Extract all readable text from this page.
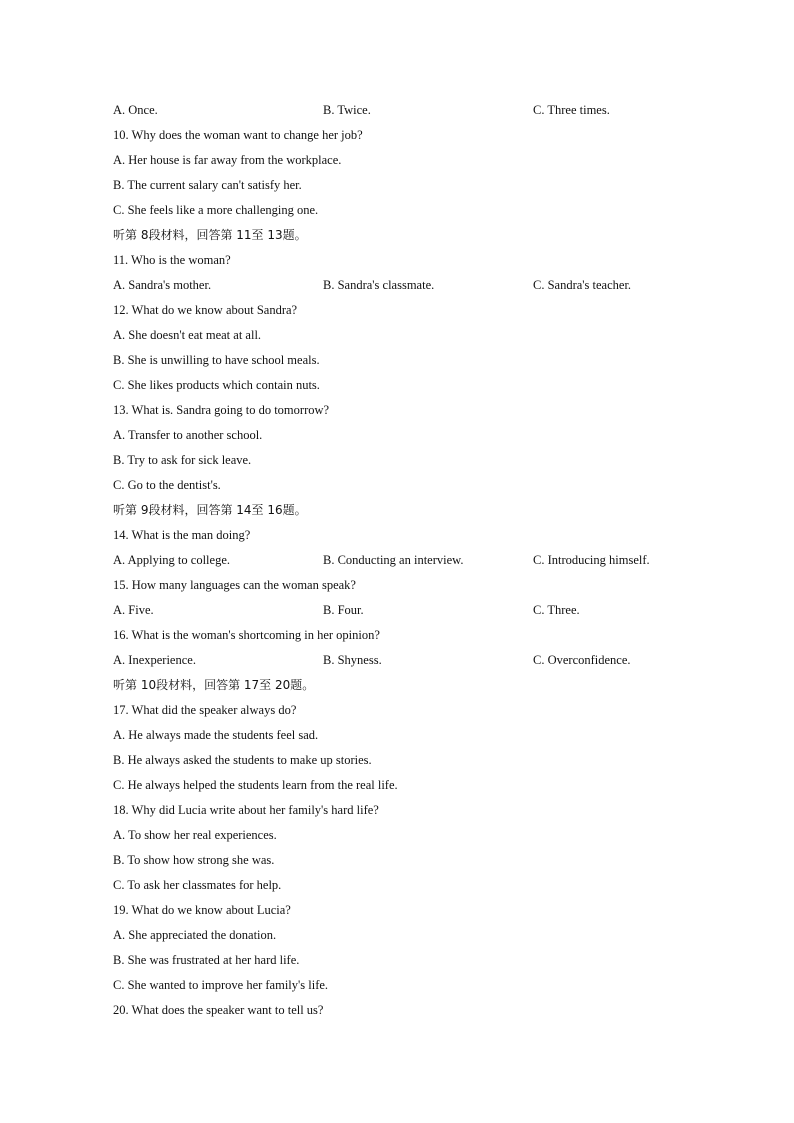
A. Once.	B. Twice.	C. Three times.
10. Why does the woman want to change her job?
A. Her house is far away from the workplace.
B. The current salary can't satisfy her.
C. She feels like a more challenging one.
听第 8段材料，回答第 11至 13题。
11. Who is the woman?
A. Sandra's mother.	B. Sandra's classmate.	C. Sandra's teacher.
12. What do we know about Sandra?
A. She doesn't eat meat at all.
B. She is unwilling to have school meals.
C. She likes products which contain nuts.
13. What is. Sandra going to do tomorrow?
A. Transfer to another school.
B. Try to ask for sick leave.
C. Go to the dentist's.
听第 9段材料，回答第 14至 16题。
14. What is the man doing?
A. Applying to college.	B. Conducting an interview.	C. Introducing himself.
15. How many languages can the woman speak?
A. Five.	B. Four.	C. Three.
16. What is the woman's shortcoming in her opinion?
A. Inexperience.	B. Shyness.	C. Overconfidence.
听第 10段材料，回答第 17至 20题。
17. What did the speaker always do?
A. He always made the students feel sad.
B. He always asked the students to make up stories.
C. He always helped the students learn from the real life.
18. Why did Lucia write about her family's hard life?
A. To show her real experiences.
B. To show how strong she was.
C. To ask her classmates for help.
19. What do we know about Lucia?
A. She appreciated the donation.
B. She was frustrated at her hard life.
C. She wanted to improve her family's life.
20. What does the speaker want to tell us?
